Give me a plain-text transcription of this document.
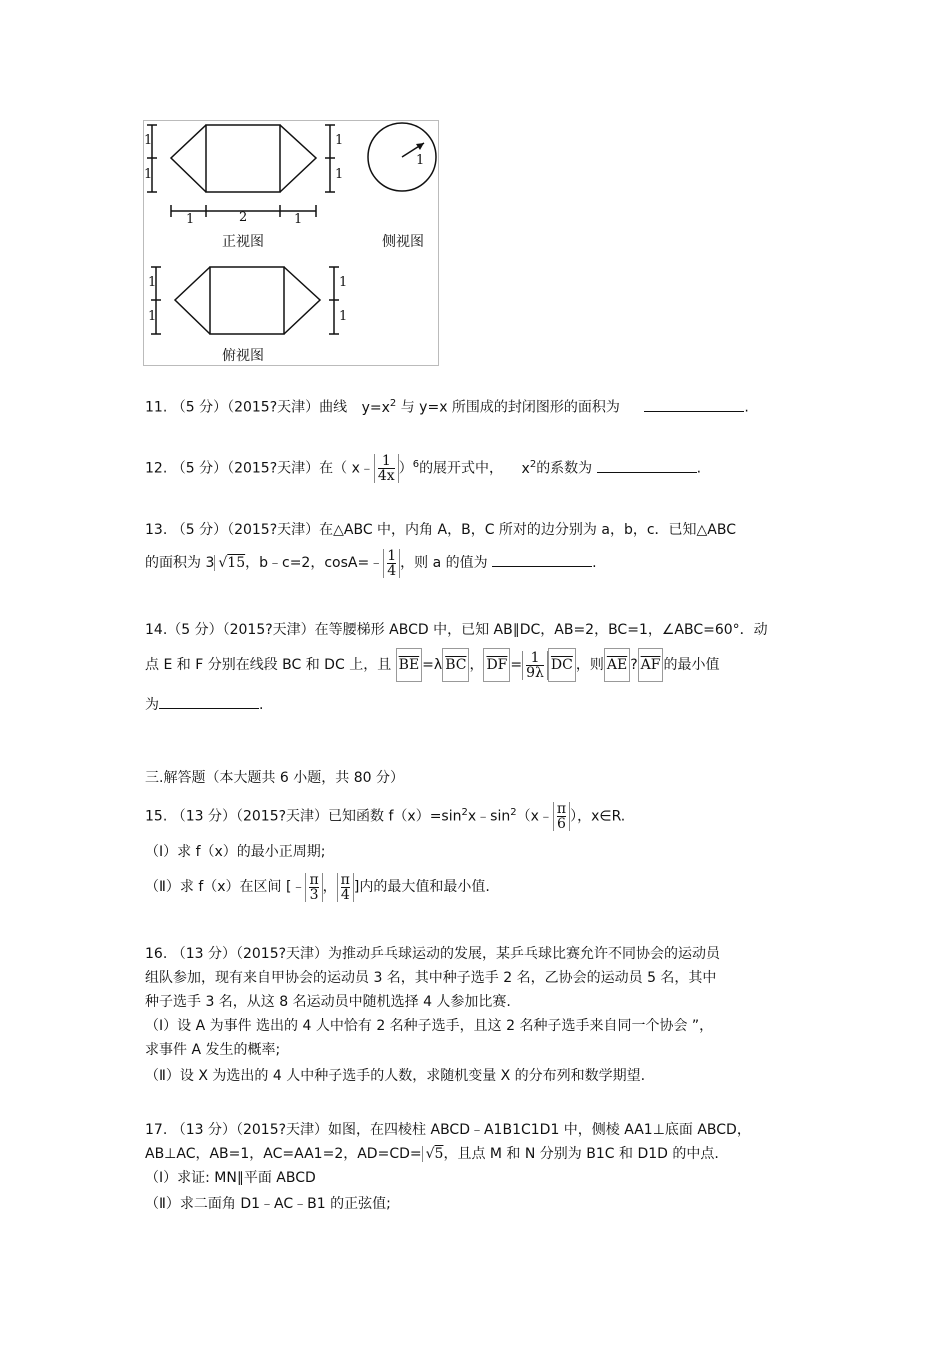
1
1
1
1
1	2	1
1
正视图	侧视图
1
1
1
1
俯视图
11. （5 分）（2015?天津）曲线 $y=x^2$ 与 y=x 所围成的封闭图形的面积为	.
12. （5 分）（2015?天津）在（ x﹣ $\frac{1}{4x} )^6$的展开式中， $x^2$的系数为	.
13. （5 分）（2015?天津）在△ABC 中，内角 A，B，C 所对的边分别为 a，b，c．已知△ABC
的面积为 3 √15，b﹣c=2，cosA=﹣ $\frac{1}{4}$ ，则 a 的值为	.
14.（5 分）（2015?天津）在等腰梯形 ABCD 中，已知 AB∥DC，AB=2，BC=1，∠ABC=60°．动
点 E 和 F 分别在线段 BC 和 DC 上，且 $\overline{BE} =\lambda$ $\overline{BC}$ ， $\overline{DF} = \frac{1}{9\lambda} \overline{DC}$ ，则 $\overline{AE}$ ? $\overline{AF}$ 的最小值
为	.
三.解答题（本大题共 6 小题，共 80 分）
15. （13 分）（2015?天津）已知函数 $f(x)=\sin^2x﹣\sin^2(x﹣ \frac{\pi}{6}$ ），x∈R.
（Ⅰ）求 f（x）的最小正周期;
（Ⅱ）求 f（x）在区间 [﹣ $\frac{\pi}{3}$ ， $\frac{\pi}{4}$ ]内的最大值和最小值.
16. （13 分）（2015?天津）为推动乒乓球运动的发展，某乒乓球比赛允许不同协会的运动员
组队参加，现有来自甲协会的运动员 3 名，其中种子选手 2 名，乙协会的运动员 5 名，其中
种子选手 3 名，从这 8 名运动员中随机选择 4 人参加比赛.
（Ⅰ）设 A 为事件 选出的 4 人中恰有 2 名种子选手，且这 2 名种子选手来自同一个协会 ”，
求事件 A 发生的概率;
（Ⅱ）设 X 为选出的 4 人中种子选手的人数，求随机变量 X 的分布列和数学期望.
17. （13 分）（2015?天津）如图，在四棱柱 ABCD﹣A1B1C1D1 中，侧棱 AA1⊥底面 ABCD，
AB⊥AC，AB=1，AC=AA1=2，AD=CD= √5，且点 M 和 N 分别为 B1C 和 D1D 的中点.
（Ⅰ）求证: MN∥平面 ABCD
（Ⅱ）求二面角 D1﹣AC﹣B1 的正弦值;
